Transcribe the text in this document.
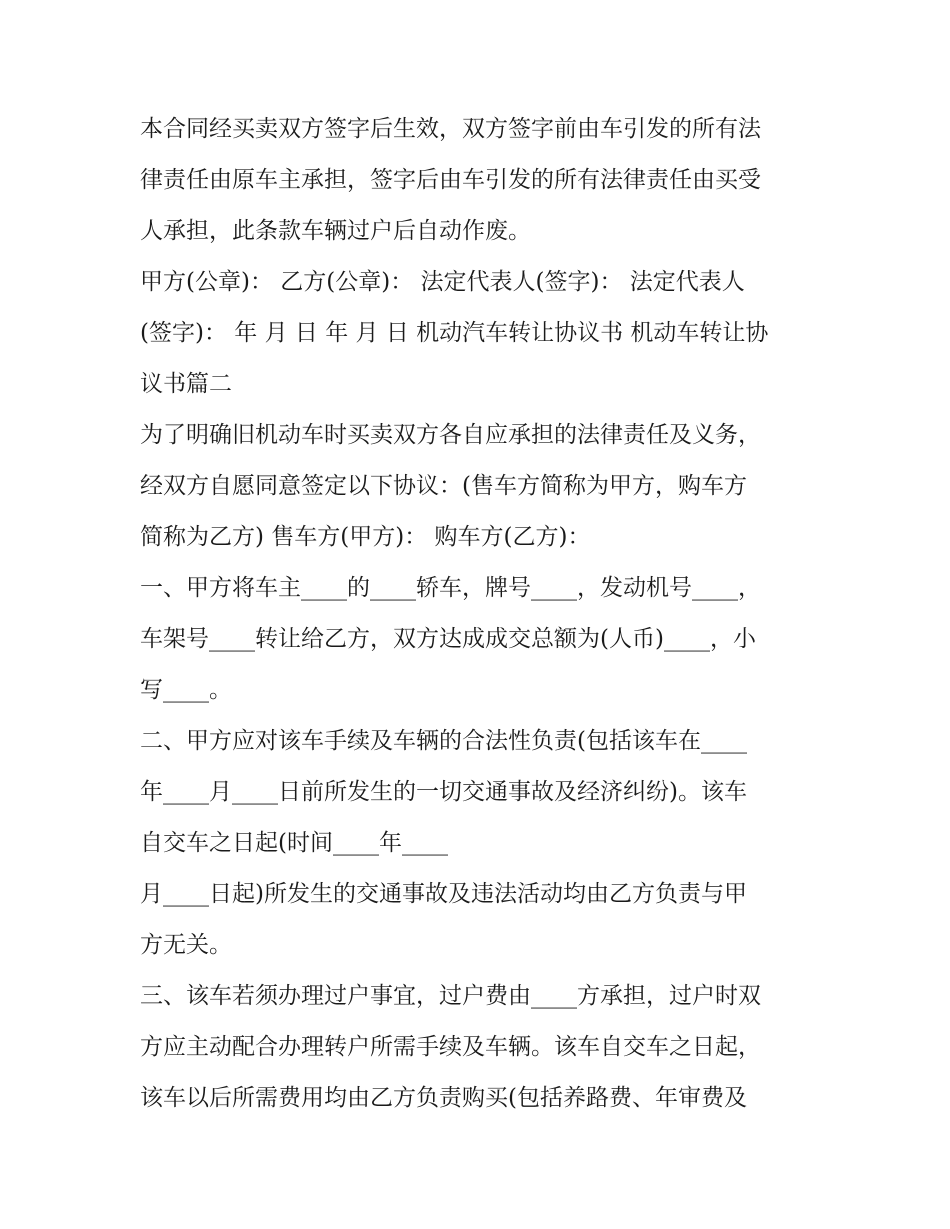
本合同经买卖双方签字后生效，双方签字前由车引发的所有法
律责任由原车主承担，签字后由车引发的所有法律责任由买受
人承担，此条款车辆过户后自动作废。
甲方(公章)： 乙方(公章)： 法定代表人(签字)： 法定代表人
(签字)： 年 月 日 年 月 日 机动汽车转让协议书 机动车转让协
议书篇二
为了明确旧机动车时买卖双方各自应承担的法律责任及义务，
经双方自愿同意签定以下协议：(售车方简称为甲方，购车方
简称为乙方) 售车方(甲方)： 购车方(乙方)：
一、甲方将车主____的____轿车，牌号____，发动机号____，
车架号____转让给乙方，双方达成成交总额为(人币)____，小
写____。
二、甲方应对该车手续及车辆的合法性负责(包括该车在____
年____月____日前所发生的一切交通事故及经济纠纷)。该车
自交车之日起(时间____年____
月____日起)所发生的交通事故及违法活动均由乙方负责与甲
方无关。
三、该车若须办理过户事宜，过户费由____方承担，过户时双
方应主动配合办理转户所需手续及车辆。该车自交车之日起，
该车以后所需费用均由乙方负责购买(包括养路费、年审费及
